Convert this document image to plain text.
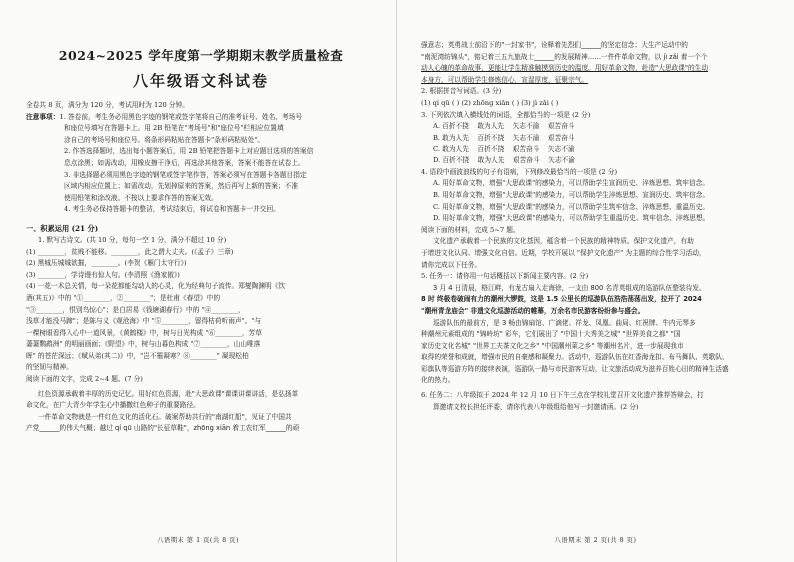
2024~2025 学年度第一学期期末教学质量检查
八年级语文科试卷
全卷共 8 页，满分为 120 分，考试用时为 120 分钟。
注意事项：1. 答卷前，考生务必用黑色字迹的钢笔或签字笔将自己的准考证号、姓名、考场号
和座位号填写在答题卡上。用 2B 铅笔在"考场号"和"座位号"栏相应位置填
涂自己的考场号和座位号。将条形码粘贴在答题卡"条形码粘贴处"。
2. 作答选择题时，选出每小题答案后，用 2B 铅笔把答题卡上对应题目选项的答案信
息点涂黑；如需改动，用橡皮擦干净后，再选涂其他答案，答案不能答在试卷上。
3. 非选择题必须用黑色字迹的钢笔或签字笔作答，答案必须写在答题卡各题目指定
区域内相应位置上；如需改动，先划掉原来的答案，然后再写上新的答案；不准
使用铅笔和涂改液。不按以上要求作答的答案无效。
4. 考生务必保持答题卡的整洁，考试结束后，将试卷和答题卡一并交回。
一、积累运用 (21 分)
1. 默写古诗文。(共 10 分，每句一空 1 分，满分不超过 10 分)
(1) ________，贫贱不能移。________，此之谓大丈夫。(《孟子》三章)
(2) 黑城压城城欲摧，________。(李贺《雁门太守行》)
(3) ________，学诗谩有惊人句。(李清照《渔家傲》)
(4) 一花一木总关情，每一朵花都能勾动人的心灵，化为经典句子流传。郑燮陶渊明《饮
酒(其五)》中的 "①________，②________"；是杜甫《春望》中的
"③________，恨别鸟惊心"；是白居易《钱塘湖春行》中的 "④________，
浅草才能没马蹄"；是陈与义《观沧海》中 "⑤________，留得枯荷听雨声"。"与
一棵树眼看得入心中一道风景，《黄鹤楼》中，树与日光构成 "⑥________，芳草
萋萋鹦鹉洲" 的明丽画面；《野望》中，树与山暮色构成 "⑦________，山山唯落
晖" 的苍茫深远；《赋从弟(其二)》中，"岂不罹凝寒？⑧________" 凝现松柏
的坚韧与精神。
阅读下面的文字，完成 2~4 题。(7 分)
红色资源承载着丰厚的历史记忆。用好红色资源，赴"大思政课"课课讲课讲活，是弘扬革
命文化，在广大青少年学生心中播撒红色种子的重要路径。
一件革命文物就是一件红色文化的活化石。破案帮助共行的"南湖红船"，见证了中国共
产党______的伟大气概；越过 qí qū 山路的"长征草鞋"，zhōng xiān 着工农红军______的顽
八语期末 第 1 页(共 8 页)
强意志；英勇战士前沿下的"一封家书"，诠释着先烈们______的坚定信念；大生产运动中的
"南泥湾纺锦头"，铭记着三五九旅战士______的发展精神……一件件革命文物，以 jì zǎi 着一个个
动人心魄的革命故事，更能让学生精准触摸到历史的温度。用好革命文物，赴造"大思政课"的生动
本身方，可以帮助学生修炼信心，宣湿厚度，征聚宗气。
2. 根据拼音写词语。(3 分)
(1) qí qū ( ) (2) zhōng xiān ( ) (3) jì zǎi ( )
3. 下列依次填入横线处的词语，全都恰当的一项是 (2 分)
A. 百折不挠    敢为人先    矢志不渝    艰苦奋斗
B. 敢为人先    百折不挠    矢志不渝    艰苦奋斗
C. 敢为人先    百折不挠    艰苦奋斗    矢志不渝
D. 百折不挠    敢为人先    艰苦奋斗    矢志不渝
4. 语段中画波浪线的句子有语病，下列修改最恰当的一项是 (2 分)
A. 用好革命文物，增强"大思政课"的感染力，可以帮助学生宣润历史、淬炼思想、筑牢信念。
B. 用好革命文物，增强"大思政课"的感染力，可以帮助学生淬炼思想、宣润历史、筑牢信念。
C. 用好革命文物，增强"大思政课"的感染力，可以帮助学生筑牢信念、淬炼思想、重温历史。
D. 用好革命文物，增强"大思政课"的感染力，可以帮助学生重温历史、筑牢信念、淬炼思想。
阅读下面的材料，完成 5~7 题。
文化遗产承载着一个民族的文化基因，蕴含着一个民族的精神特质。保护文化遗产，有助
于增进文化认同、增强文化自信。近期，学校开展以 "保护文化遗产" 为主题的综合性学习活动，
请你完成以下任务。
5. 任务一：请你用一句话概括以下新闻主要内容。(2 分)
3 月 4 日清晨，格江畔，有龙古扇入走海徐，一支由 800 名青英组成的巡游队伍整装待发。
8 时 终极卷破闹有力的潮州大锣鼓，这是 1.5 公里长的巡游队伍浩浩荡荡出发，拉开了 2024
"潮州青龙庙会" 非遗文化巡游活动的帷幕，万余名市民游客纷纷参与盛会。
巡游队伍的最前方，是 3 畅由锦扇馆、广滴佬、祥龙、凤凰、曲局、红祝牌、牛内元琴多
种潮州元素组成的 "锦岭坊" 彩车，它们展出了 "中国十大秀美之城" "世界美食之都" "国
家历史文化名城" "世界工夫茶文化之乡" "中国潮州菜之乡" 等潮州名片，进一步展现我市
取得的荣誉和成就，增强市民的自豪感和凝聚力。活动中，巡游队伍在红香海龙扣、布马舞队、英歌队、
彩旗队等巡游方阵的接续表演，巡游队一路与市民游客互动，让文旅活动成为滋养百姓心田的精神生活盛
化的热力。
6. 任务二：八年级拟于 2024 年 12 月 10 日下午三点在学校礼堂召开文化遗产推荐答辩会，打
算邀请文校长担任评委，请你代表八年级组给他写一封邀请函。(2 分)
八语期末 第 2 页(共 8 页)
